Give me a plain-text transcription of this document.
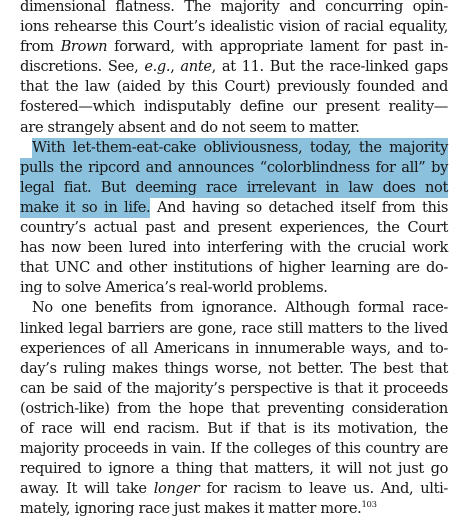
dimensional flatness. The majority and concurring opin-
ions rehearse this Court’s idealistic vision of racial equality,
from Brown forward, with appropriate lament for past in-
discretions. See, e.g., ante, at 11. But the race-linked gaps
that the law (aided by this Court) previously founded and
fostered—which indisputably define our present reality—
are strangely absent and do not seem to matter.
With let-them-eat-cake obliviousness, today, the majority
pulls the ripcord and announces “colorblindness for all” by
legal fiat. But deeming race irrelevant in law does not
make it so in life. And having so detached itself from this
country’s actual past and present experiences, the Court
has now been lured into interfering with the crucial work
that UNC and other institutions of higher learning are do-
ing to solve America’s real-world problems.
No one benefits from ignorance. Although formal race-
linked legal barriers are gone, race still matters to the lived
experiences of all Americans in innumerable ways, and to-
day’s ruling makes things worse, not better. The best that
can be said of the majority’s perspective is that it proceeds
(ostrich-like) from the hope that preventing consideration
of race will end racism. But if that is its motivation, the
majority proceeds in vain. If the colleges of this country are
required to ignore a thing that matters, it will not just go
away. It will take longer for racism to leave us. And, ulti-
mately, ignoring race just makes it matter more.$^{103}$
